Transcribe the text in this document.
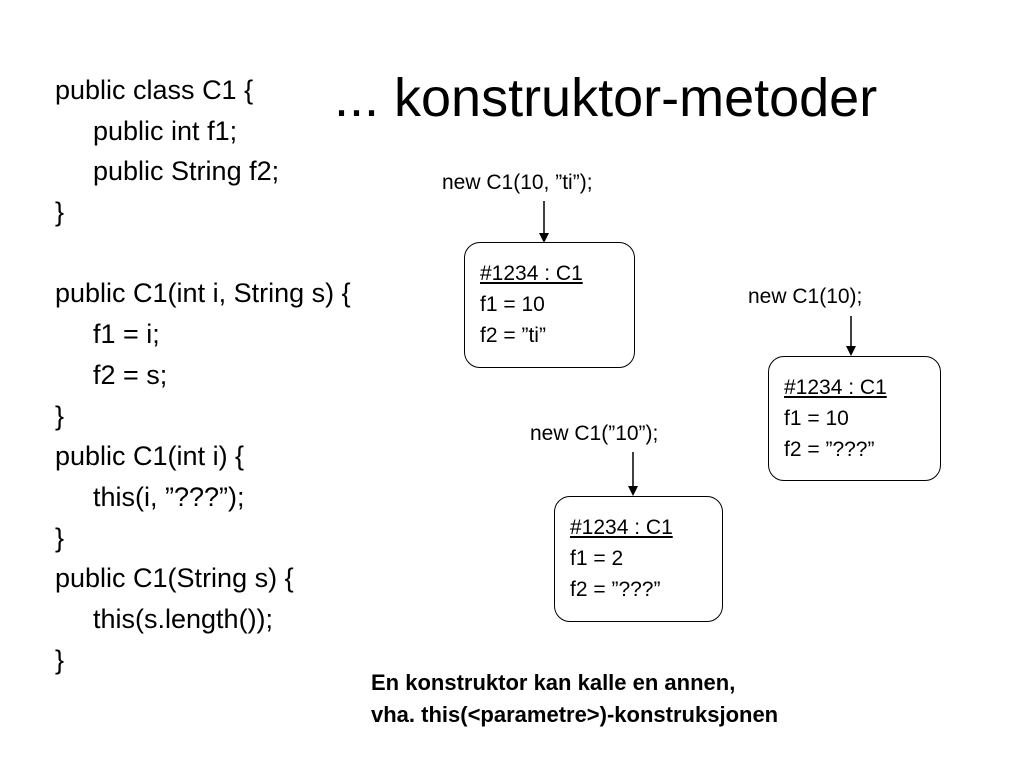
... konstruktor-metoder
public class C1 {
public int f1;
public String f2;
}
public C1(int i, String s) {
f1 = i;
f2 = s;
}
public C1(int i) {
this(i, ”???”);
}
public C1(String s) {
this(s.length());
}
new C1(10, ”ti”);
#1234 : C1
f1 = 10
f2 = ”ti”
new C1(10);
#1234 : C1
f1 = 10
f2 = ”???”
new C1(”10”);
#1234 : C1
f1 = 2
f2 = ”???”
En konstruktor kan kalle en annen,
vha. this(<parametre>)-konstruksjonen
